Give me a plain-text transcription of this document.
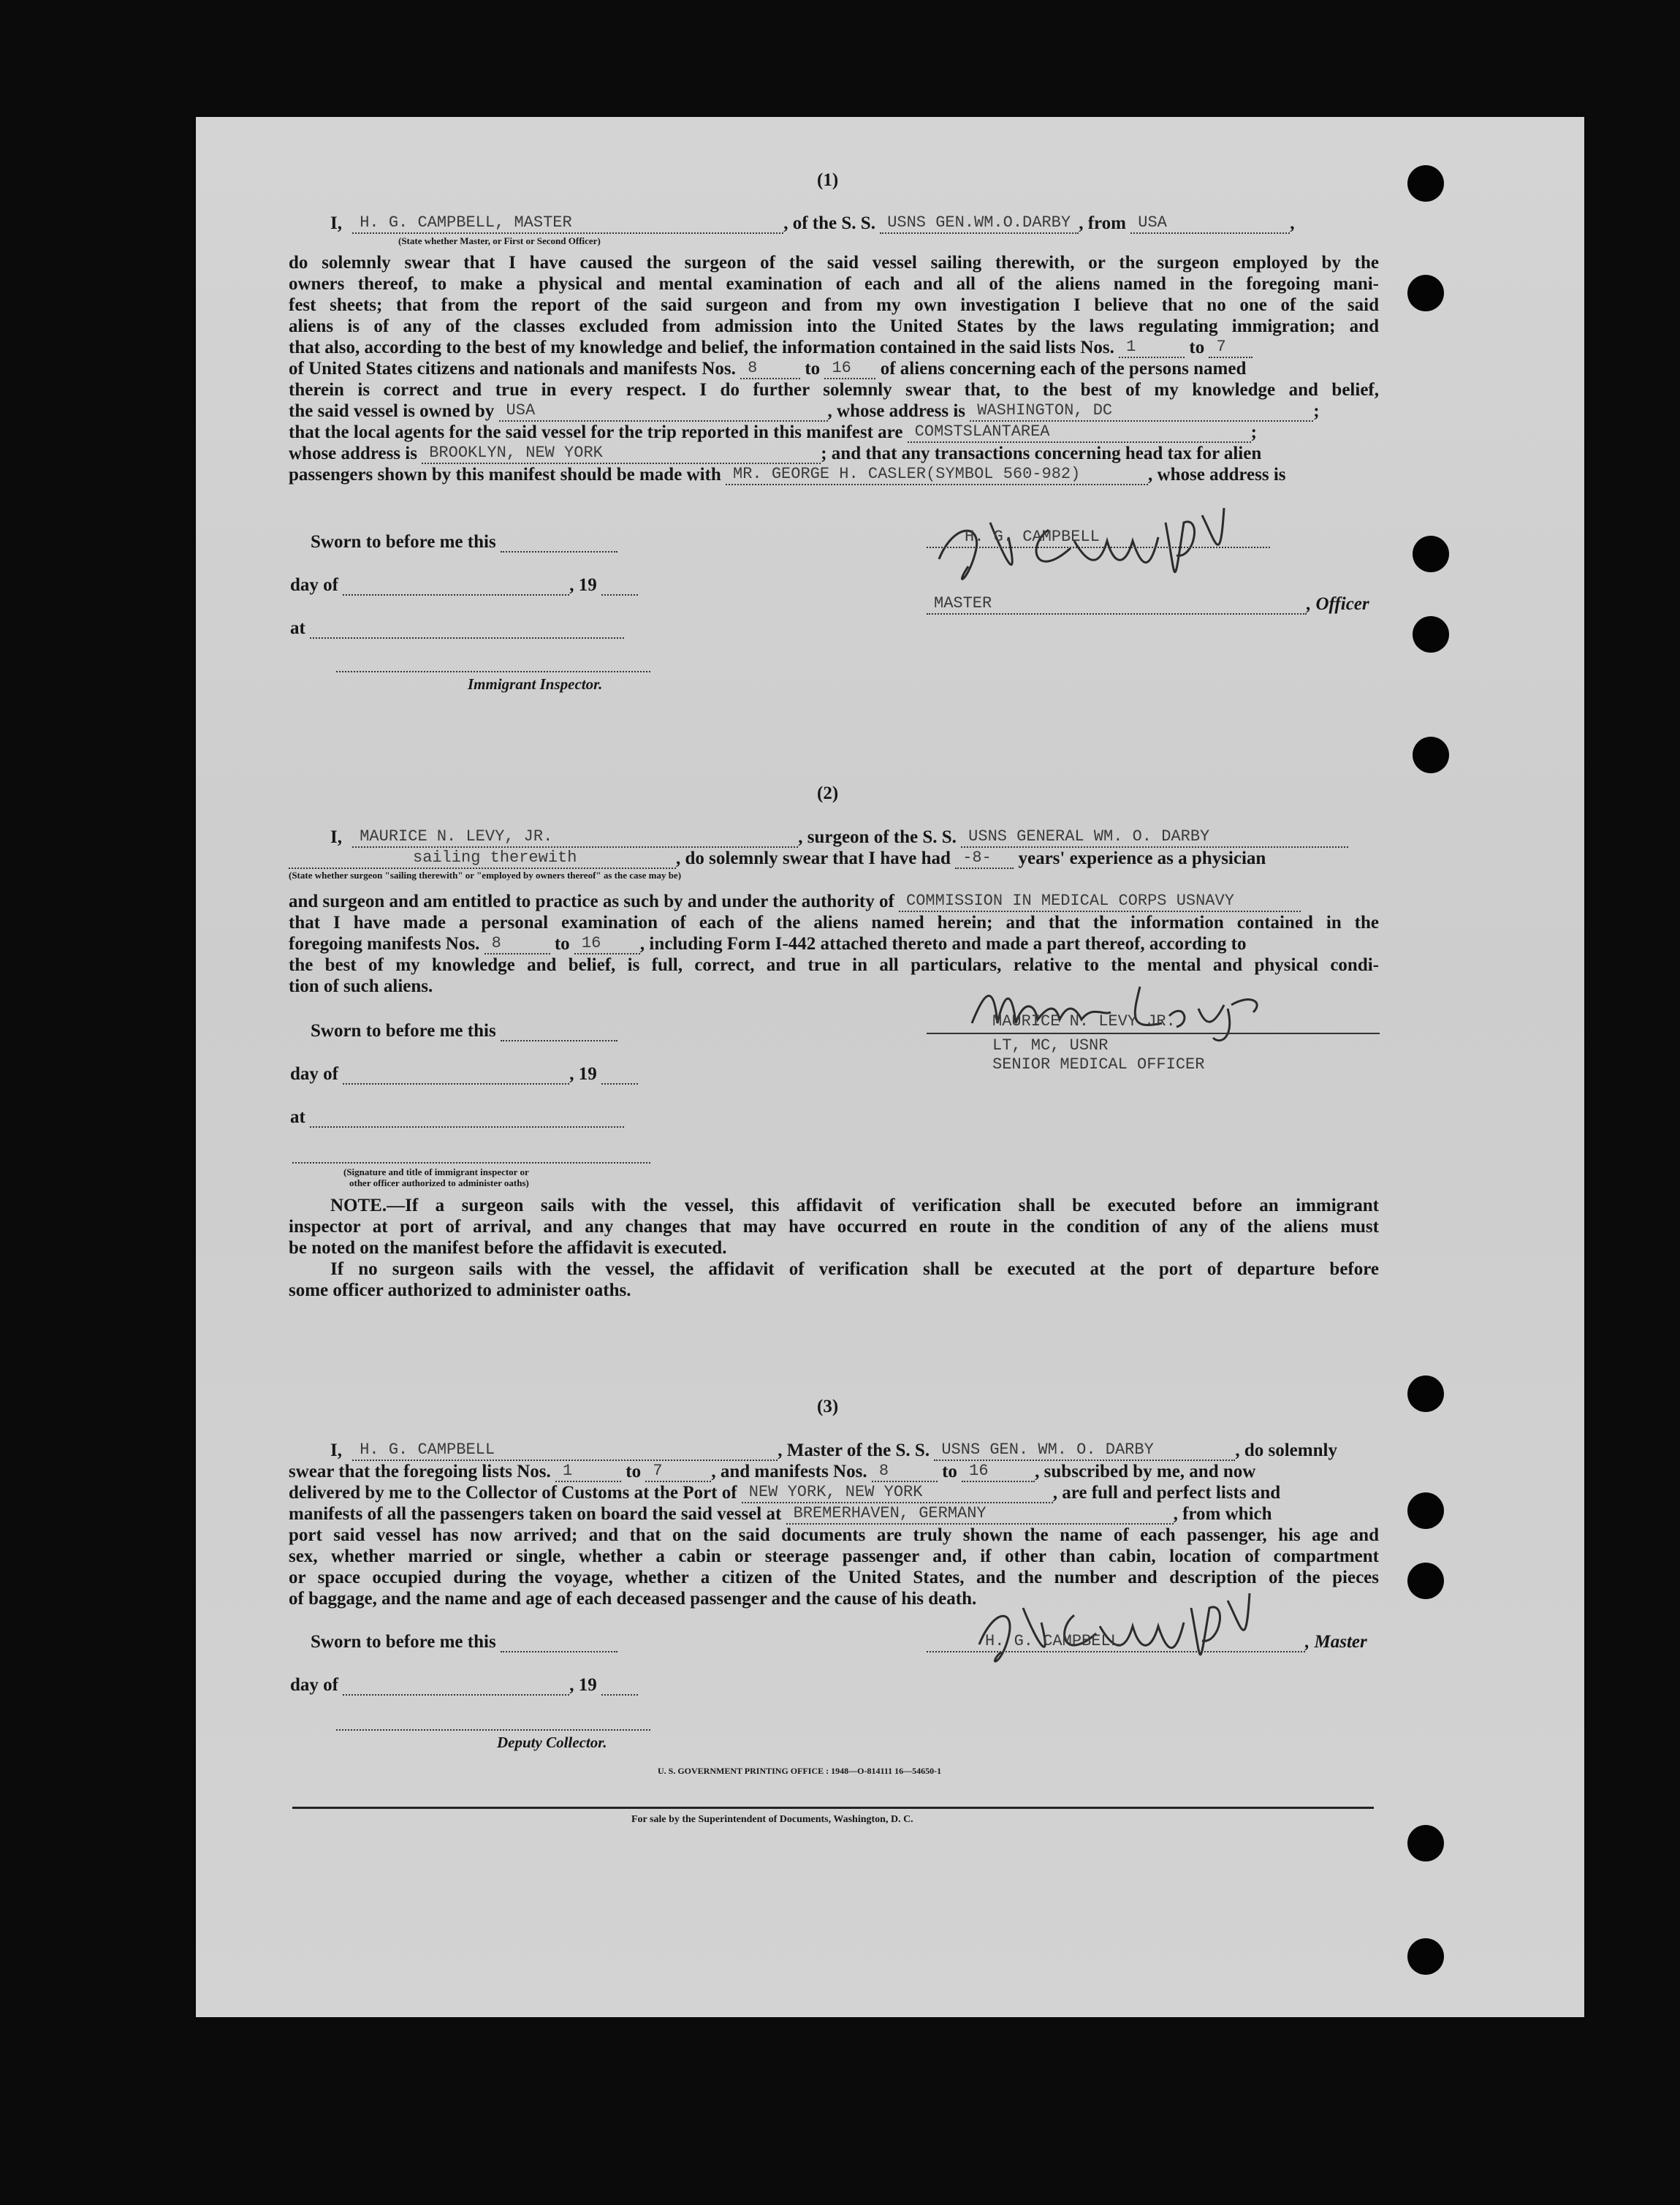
(1)
I, H. G. CAMPBELL, MASTER	, of the S. S. USNS GEN.WM.O.DARBY , from USA	,
(State whether Master, or First or Second Officer)
do solemnly swear that I have caused the surgeon of the said vessel sailing therewith, or the surgeon employed by the
owners thereof, to make a physical and mental examination of each and all of the aliens named in the foregoing mani-
fest sheets; that from the report of the said surgeon and from my own investigation I believe that no one of the said
aliens is of any of the classes excluded from admission into the United States by the laws regulating immigration; and
that also, according to the best of my knowledge and belief, the information contained in the said lists Nos. 1	to 7
of United States citizens and nationals and manifests Nos. 8	to 16 of aliens concerning each of the persons named
therein is correct and true in every respect. I do further solemnly swear that, to the best of my knowledge and belief,
the said vessel is owned by USA	, whose address is WASHINGTON, DC	;
that the local agents for the said vessel for the trip reported in this manifest are COMSTSLANTAREA	;
whose address is BROOKLYN, NEW YORK	; and that any transactions concerning head tax for alien
passengers shown by this manifest should be made with MR. GEORGE H. CASLER(SYMBOL 560-982)	, whose address is
Sworn to before me this
day of	, 19
at
Immigrant Inspector.
H. G. CAMPBELL
MASTER	, Officer
(2)
I, MAURICE N. LEVY, JR.	, surgeon of the S. S. USNS GENERAL WM. O. DARBY
sailing therewith	, do solemnly swear that I have had -8- years' experience as a physician
(State whether surgeon "sailing therewith" or "employed by owners thereof" as the case may be)
and surgeon and am entitled to practice as such by and under the authority of COMMISSION IN MEDICAL CORPS USNAVY
that I have made a personal examination of each of the aliens named herein; and that the information contained in the
foregoing manifests Nos. 8	to 16 , including Form I-442 attached thereto and made a part thereof, according to
the best of my knowledge and belief, is full, correct, and true in all particulars, relative to the mental and physical condi-
tion of such aliens.
MAURICE N. LEVY JR.
LT, MC, USNR
SENIOR MEDICAL OFFICER
Sworn to before me this
day of	, 19
at
(Signature and title of immigrant inspector or
other officer authorized to administer oaths)
NOTE.—If a surgeon sails with the vessel, this affidavit of verification shall be executed before an immigrant
inspector at port of arrival, and any changes that may have occurred en route in the condition of any of the aliens must
be noted on the manifest before the affidavit is executed.
If no surgeon sails with the vessel, the affidavit of verification shall be executed at the port of departure before
some officer authorized to administer oaths.
(3)
I, H. G. CAMPBELL	, Master of the S. S. USNS GEN. WM. O. DARBY	, do solemnly
swear that the foregoing lists Nos. 1	to 7	, and manifests Nos. 8	to 16	, subscribed by me, and now
delivered by me to the Collector of Customs at the Port of NEW YORK, NEW YORK	, are full and perfect lists and
manifests of all the passengers taken on board the said vessel at BREMERHAVEN, GERMANY	, from which
port said vessel has now arrived; and that on the said documents are truly shown the name of each passenger, his age and
sex, whether married or single, whether a cabin or steerage passenger and, if other than cabin, location of compartment
or space occupied during the voyage, whether a citizen of the United States, and the number and description of the pieces
of baggage, and the name and age of each deceased passenger and the cause of his death.
Sworn to before me this	H. G. CAMPBELL	, Master
day of	, 19
Deputy Collector.
U. S. GOVERNMENT PRINTING OFFICE : 1948—O-814111 16—54650-1
For sale by the Superintendent of Documents, Washington, D. C.
